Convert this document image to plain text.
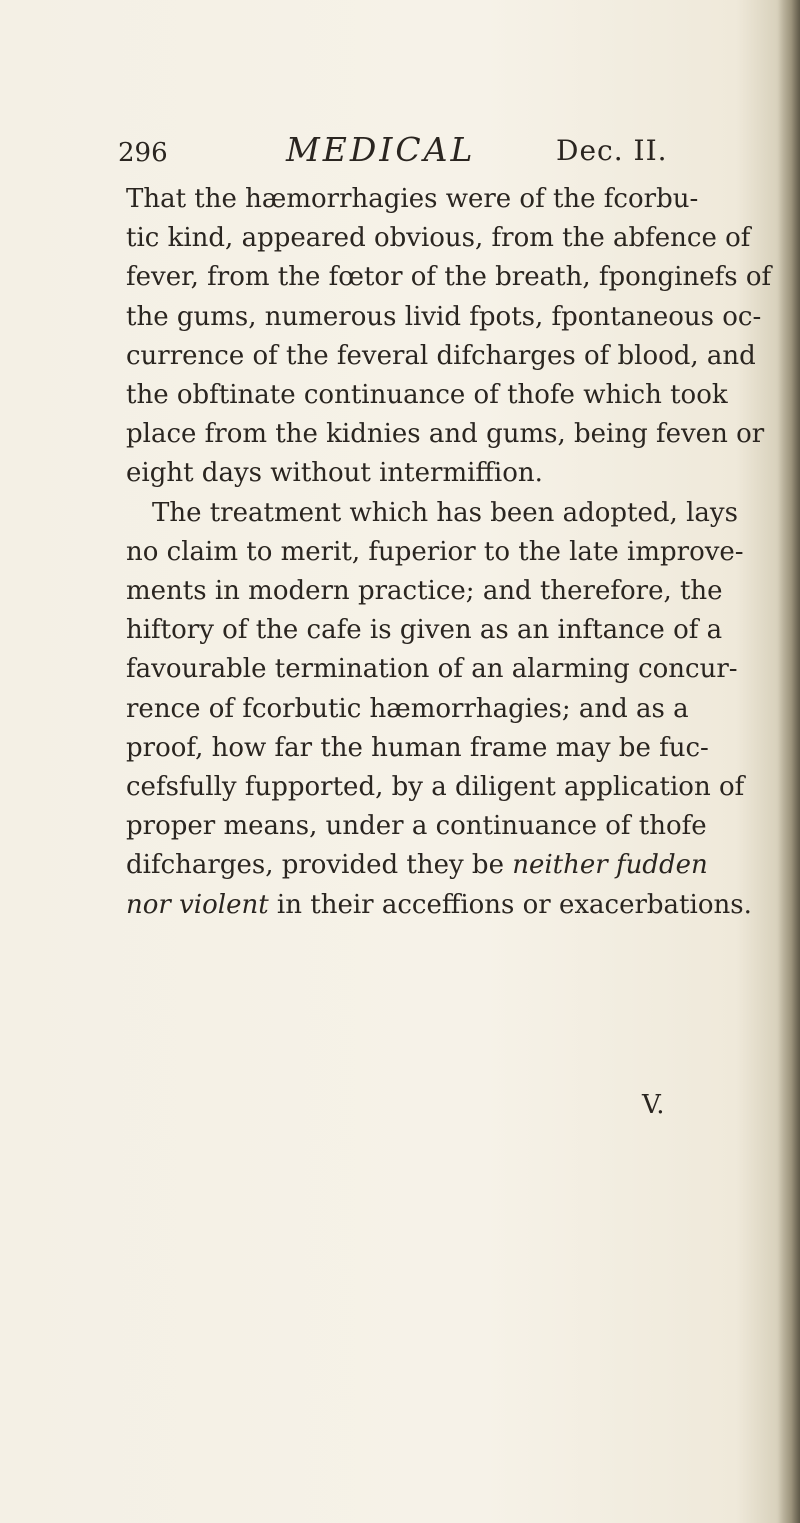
296	MEDICAL	Dec. II.
That the hæmorrhagies were of the fcorbu-
tic kind, appeared obvious, from the abfence of
fever, from the fœtor of the breath, fponginefs of
the gums, numerous livid fpots, fpontaneous oc-
currence of the feveral difcharges of blood, and
the obftinate continuance of thofe which took
place from the kidnies and gums, being feven or
eight days without intermiffion.
The treatment which has been adopted, lays
no claim to merit, fuperior to the late improve-
ments in modern practice; and therefore, the
hiftory of the cafe is given as an inftance of a
favourable termination of an alarming concur-
rence of fcorbutic hæmorrhagies; and as a
proof, how far the human frame may be fuc-
cefsfully fupported, by a diligent application of
proper means, under a continuance of thofe
difcharges, provided they be neither fudden
nor violent in their acceffions or exacerbations.
V.
